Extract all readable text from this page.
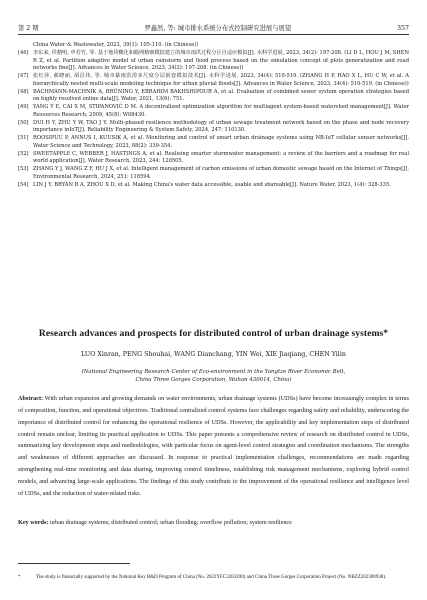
第 2 期	罗鑫然, 等: 城市排水系统分布式控制研究进展与展望	357
China Water & Wastewater, 2023, 39(1): 105-110. (in Chinese))
[46] 李东来, 侯精明, 申若竹, 等. 基于地块概化和路网精细模拟建立的城市雨洪过程分区自适应模拟[J]. 水科学进展, 2023, 34(2): 197-208. (LI D L, HOU J M, SHEN R Z, et al. Partition adaptive model of urban rainstorm and flood process based on the simulation concept of plots generalization and road networks fine[J]. Advances in Water Science, 2023, 34(2): 197-208. (in Chinese))
[47] 张红萍, 郝晓丽, 胡昌伟, 等. 城市暴雨洪涝多尺度分层嵌套模拟技术[J]. 水科学进展, 2023, 34(4): 510-519. (ZHANG H P, HAO X L, HU C W, et al. A hierarchically nested multi-scale modeling technique for urban pluvial floods[J]. Advances in Water Science, 2023, 34(4): 510-519. (in Chinese))
[48] BACHMANN-MACHNIK A, BRÜNING Y, EBRAHIM BAKHSHIPOUR A, et al. Evaluation of combined sewer system operation strategies based on highly resolved online data[J]. Water, 2021, 13(6): 751.
[49] YANG Y E, CAI X M, STIPANOVIĆ D M. A decentralized optimization algorithm for multiagent system-based watershed management[J]. Water Resources Research, 2009, 45(8): W08430.
[50] DUI H Y, ZHU Y W, TAO J Y. Multi-phased resilience methodology of urban sewage treatment network based on the phase and node recovery importance inIoT[J]. Reliability Engineering & System Safety, 2024, 247: 110130.
[51] ROOSIPUU P, ANNUS I, KUUSIK A, et al. Monitoring and control of smart urban drainage systems using NB-IoT cellular sensor networks[J]. Water Science and Technology, 2023, 88(2): 339-354.
[52] SWEETAPPLE C, WEBBER J, HASTINGS A, et al. Realising smarter stormwater management: a review of the barriers and a roadmap for real world application[J]. Water Research, 2023, 244: 120505.
[53] ZHANG Y J, WANG Z F, HU J X, et al. Intelligent management of carbon emissions of urban domestic sewage based on the Internet of Things[J]. Environmental Research, 2024, 251: 118594.
[54] LIN J Y, BRYAN B A, ZHOU X D, et al. Making China's water data accessible, usable and shareable[J]. Nature Water, 2023, 1(4): 328-335.
Research advances and prospects for distributed control of urban drainage systems*
LUO Xinran, PENG Shouhai, WANG Dianchang, YIN Wei, XIE Jiaqiang, CHEN Yilin
(National Engineering Research Center of Eco-environment in the Yangtze River Economic Belt,
China Three Gorges Corporation, Wuhan 430014, China)
Abstract: With urban expansion and growing demands on water environments, urban drainage systems (UDSs) have become increasingly complex in terms of composition, function, and operational objectives. Traditional centralized control systems face challenges regarding safety and reliability, underscoring the importance of distributed control for enhancing the operational resilience of UDSs. However, the applicability and key implementation steps of distributed control remain unclear, limiting its practical application to UDSs. This paper presents a comprehensive review of research on distributed control in UDSs, summarizing key development steps and methodologies, with particular focus on agent-level control strategies and coordination mechanisms. The strengths and weaknesses of different approaches are discussed. In response to practical implementation challenges, recommendations are made regarding strengthening real-time monitoring and data sharing, improving control timeliness, establishing risk management mechanisms, exploring hybrid control models, and advancing large-scale applications. The findings of this study contribute to the improvement of the operational resilience and intelligence level of UDSs, and the reduction of water-related risks.
Key words: urban drainage systems; distributed control; urban flooding; overflow pollution; system resilience
*	The study is financially supported by the National Key R&D Program of China (No. 2022YFC3203200) and China Three Gorges Corporation Project (No. NBZZ202300938).
